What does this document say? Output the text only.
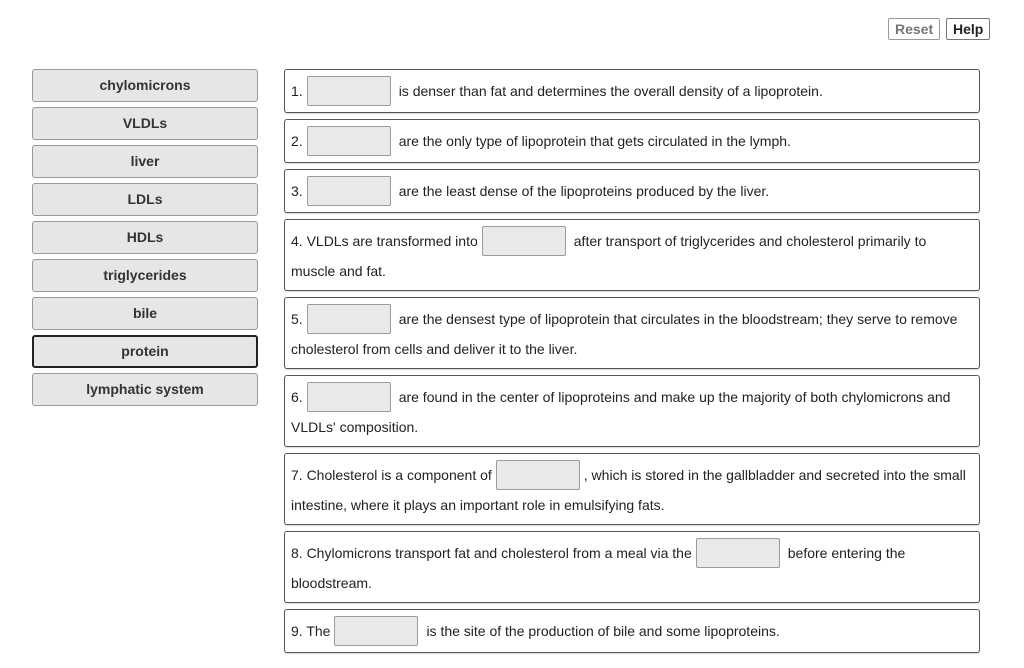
Reset	Help
chylomicrons
VLDLs
liver
LDLs
HDLs
triglycerides
bile
protein
lymphatic system
1.	is denser than fat and determines the overall density of a lipoprotein.
2.	are the only type of lipoprotein that gets circulated in the lymph.
3.	are the least dense of the lipoproteins produced by the liver.
4. VLDLs are transformed into	after transport of triglycerides and cholesterol primarily to
muscle and fat.
5.	are the densest type of lipoprotein that circulates in the bloodstream; they serve to remove
cholesterol from cells and deliver it to the liver.
6.	are found in the center of lipoproteins and make up the majority of both chylomicrons and
VLDLs' composition.
7. Cholesterol is a component of	, which is stored in the gallbladder and secreted into the small
intestine, where it plays an important role in emulsifying fats.
8. Chylomicrons transport fat and cholesterol from a meal via the	before entering the
bloodstream.
9. The	is the site of the production of bile and some lipoproteins.
